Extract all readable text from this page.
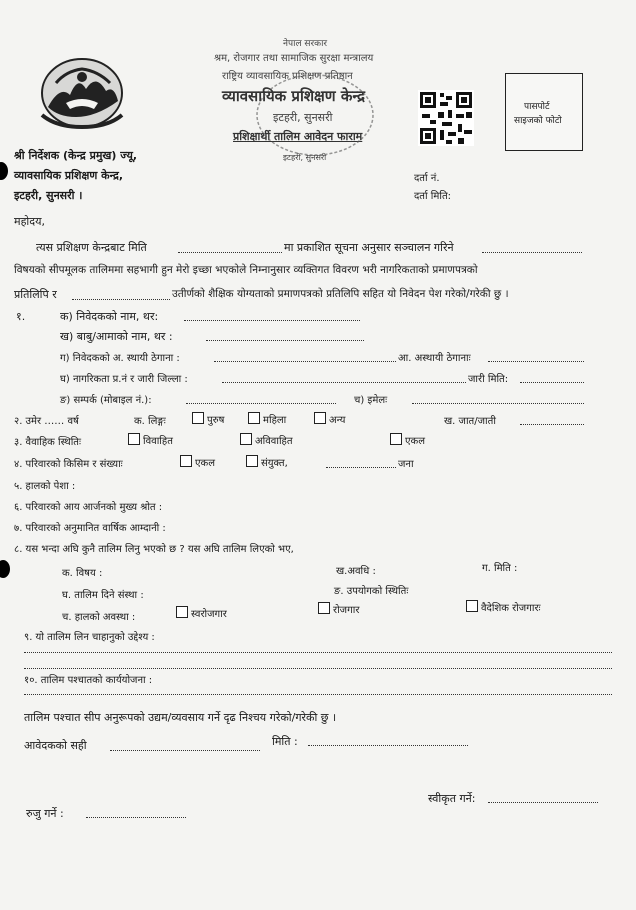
नेपाल सरकार
श्रम, रोजगार तथा सामाजिक सुरक्षा मन्त्रालय
राष्ट्रिय व्यावसायिक प्रशिक्षण प्रतिष्ठान
व्यावसायिक प्रशिक्षण केन्द्र
इटहरी, सुनसरी
प्रशिक्षार्थी तालिम आवेदन फाराम
इटहरी, सुनसरी
पासपोर्ट
साइजको फोटो
श्री निर्देशक (केन्द्र प्रमुख) ज्यू,
व्यावसायिक प्रशिक्षण केन्द्र,
इटहरी, सुनसरी ।
दर्ता नं.
दर्ता मिति:
महोदय,
त्यस प्रशिक्षण केन्द्रबाट मिति	मा प्रकाशित सूचना अनुसार सञ्चालन गरिने
विषयको सीपमूलक तालिममा सहभागी हुन मेरो इच्छा भएकोले निम्नानुसार व्यक्तिगत विवरण भरी नागरिकताको प्रमाणपत्रको
प्रतिलिपि र	उतीर्णको शैक्षिक योग्यताको प्रमाणपत्रको प्रतिलिपि सहित यो निवेदन पेश गरेको/गरेकी छु ।
१.	क) निवेदकको नाम, थर:
ख) बाबु/आमाको नाम, थर :
ग) निवेदकको अ. स्थायी ठेगाना :	आ. अस्थायी ठेगानाः
घ) नागरिकता प्र.नं र जारी जिल्ला :	जारी मिति:
ङ) सम्पर्क (मोबाइल नं.):	च) इमेलः
२. उमेर …… वर्ष	क. लिङ्गः	पुरुष	महिला	अन्य	ख. जात/जाती
३. वैवाहिक स्थितिः	विवाहित	अविवाहित	एकल
४. परिवारको किसिम र संख्याः	एकल	संयुक्त,	जना
५. हालको पेशा :
६. परिवारको आय आर्जनको मुख्य श्रोत :
७. परिवारको अनुमानित वार्षिक आम्दानी :
८. यस भन्दा अघि कुनै तालिम लिनु भएको छ ? यस अघि तालिम लिएको भए,
क. विषय :	ख.अवधि :	ग. मिति :
घ. तालिम दिने संस्था :	ङ. उपयोगको स्थितिः
च. हालको अवस्था :	स्वरोजगार	रोजगार	वैदेशिक रोजगारः
९. यो तालिम लिन चाहानुको उद्देश्य :
१०. तालिम पश्चातको कार्ययोजना :
तालिम पश्चात सीप अनुरूपको उद्यम/व्यवसाय गर्ने दृढ निश्चय गरेको/गरेकी छु ।
आवेदकको सही	मिति :
रुजु गर्ने :
स्वीकृत गर्ने:
